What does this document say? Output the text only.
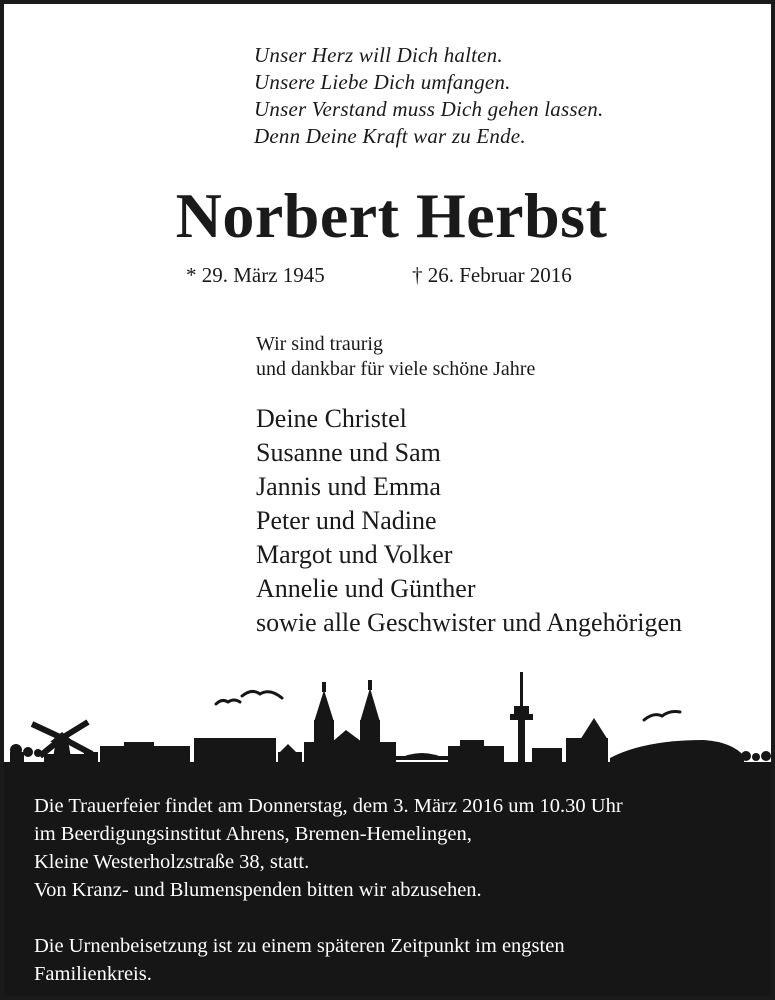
Unser Herz will Dich halten.
Unsere Liebe Dich umfangen.
Unser Verstand muss Dich gehen lassen.
Denn Deine Kraft war zu Ende.
Norbert Herbst
* 29. März 1945	† 26. Februar 2016
Wir sind traurig
und dankbar für viele schöne Jahre
Deine Christel
Susanne und Sam
Jannis und Emma
Peter und Nadine
Margot und Volker
Annelie und Günther
sowie alle Geschwister und Angehörigen
Die Trauerfeier findet am Donnerstag, dem 3. März 2016 um 10.30 Uhr
im Beerdigungsinstitut Ahrens, Bremen-Hemelingen,
Kleine Westerholzstraße 38, statt.
Von Kranz- und Blumenspenden bitten wir abzusehen.
Die Urnenbeisetzung ist zu einem späteren Zeitpunkt im engsten
Familienkreis.
